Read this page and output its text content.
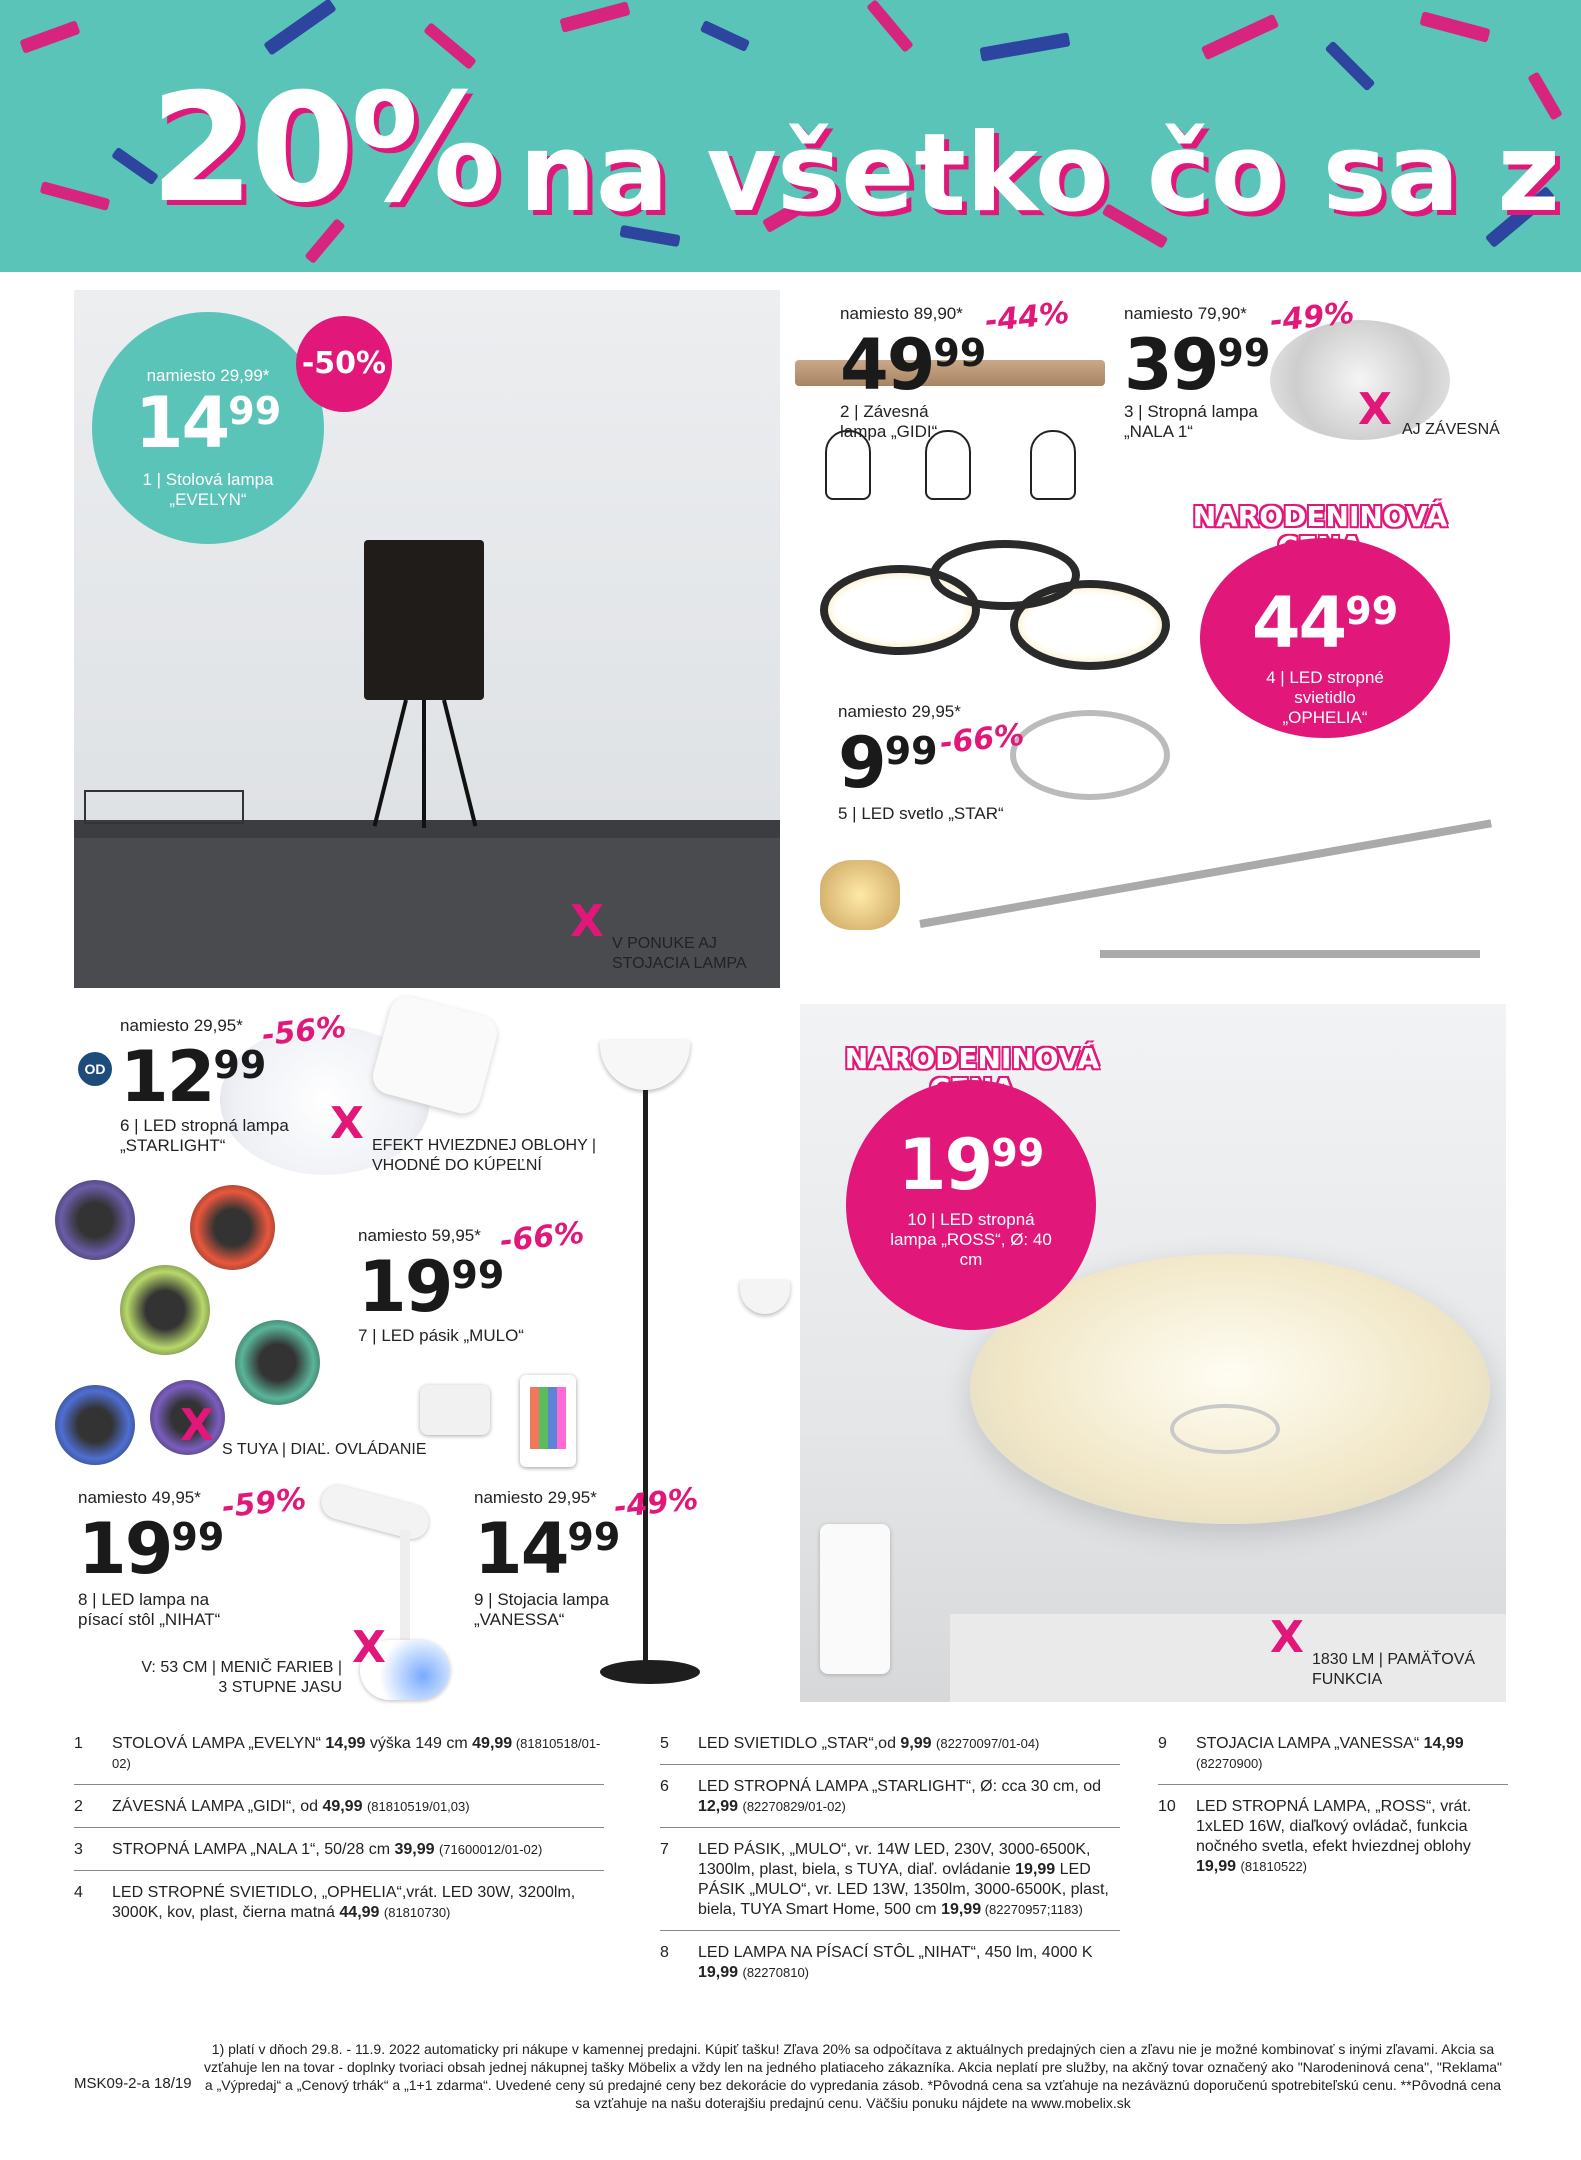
20% na všetko čo sa z
namiesto 29,99*
1499
1 | Stolová lampa „EVELYN“
-50%
X V PONUKE AJ STOJACIA LAMPA
namiesto 89,90*
4999
-44%
2 | Závesná lampa „GIDI“
namiesto 79,90*
3999
-49%
3 | Stropná lampa „NALA 1“	X AJ ZÁVESNÁ
NARODENINOVÁ
4499
4 | LED stropné svietidlo „OPHELIA“
namiesto 29,95*
999 -66%
5 | LED svetlo „STAR“
OD
namiesto 29,95*
1299
-56%
6 | LED stropná lampa „STARLIGHT“	X EFEKT HVIEZDNEJ OBLOHY | VHODNÉ DO KÚPEĽNÍ
namiesto 59,95*
1999
-66%
7 | LED pásik „MULO“
X S TUYA | DIAĽ. OVLÁDANIE
namiesto 49,95*
1999
-59%
8 | LED lampa na písací stôl „NIHAT“
X
V: 53 CM | MENIČ FARIEB | 3 STUPNE JASU
namiesto 29,95*
1499
-49%
9 | Stojacia lampa „VANESSA“
NARODENINOVÁ
1999
10 | LED stropná lampa „ROSS“, Ø: 40 cm
X 1830 LM | PAMÄŤOVÁ FUNKCIA
1 STOLOVÁ LAMPA „EVELYN“ 14,99 výška 149 cm 49,99 (81810518/01-02)
2 ZÁVESNÁ LAMPA „GIDI“, od 49,99 (81810519/01,03)
3 STROPNÁ LAMPA „NALA 1“, 50/28 cm 39,99 (71600012/01-02)
4 LED STROPNÉ SVIETIDLO, „OPHELIA“,vrát. LED 30W, 3200lm, 3000K, kov, plast, čierna matná 44,99 (81810730)
5 LED SVIETIDLO „STAR“,od 9,99 (82270097/01-04)
6 LED STROPNÁ LAMPA „STARLIGHT“, Ø: cca 30 cm, od 12,99 (82270829/01-02)
7 LED PÁSIK, „MULO“, vr. 14W LED, 230V, 3000-6500K, 1300lm, plast, biela, s TUYA, diaľ. ovládanie 19,99 LED PÁSIK „MULO“, vr. LED 13W, 1350lm, 3000-6500K, plast, biela, TUYA Smart Home, 500 cm 19,99 (82270957;1183)
8 LED LAMPA NA PÍSACÍ STÔL „NIHAT“, 450 lm, 4000 K 19,99 (82270810)
9 STOJACIA LAMPA „VANESSA“ 14,99 (82270900)
10 LED STROPNÁ LAMPA, „ROSS“, vrát. 1xLED 16W, diaľkový ovládač, funkcia nočného svetla, efekt hviezdnej oblohy 19,99 (81810522)
MSK09-2-a 18/19
1) platí v dňoch 29.8. - 11.9. 2022 automaticky pri nákupe v kamennej predajni. Kúpiť tašku! Zľava 20% sa odpočítava z aktuálnych predajných cien a zľavu nie je možné kombinovať s inými zľavami. Akcia sa vzťahuje len na tovar - doplnky tvoriaci obsah jednej nákupnej tašky Möbelix a vždy len na jedného platiaceho zákazníka. Akcia neplatí pre služby, na akčný tovar označený ako "Narodeninová cena", "Reklama" a „Výpredaj“ a „Cenový trhák“ a „1+1 zdarma“. Uvedené ceny sú predajné ceny bez dekorácie do vypredania zásob. *Pôvodná cena sa vzťahuje na nezáväznú doporučenú spotrebiteľskú cenu. **Pôvodná cena sa vzťahuje na našu doterajšiu predajnú cenu. Väčšiu ponuku nájdete na www.mobelix.sk
